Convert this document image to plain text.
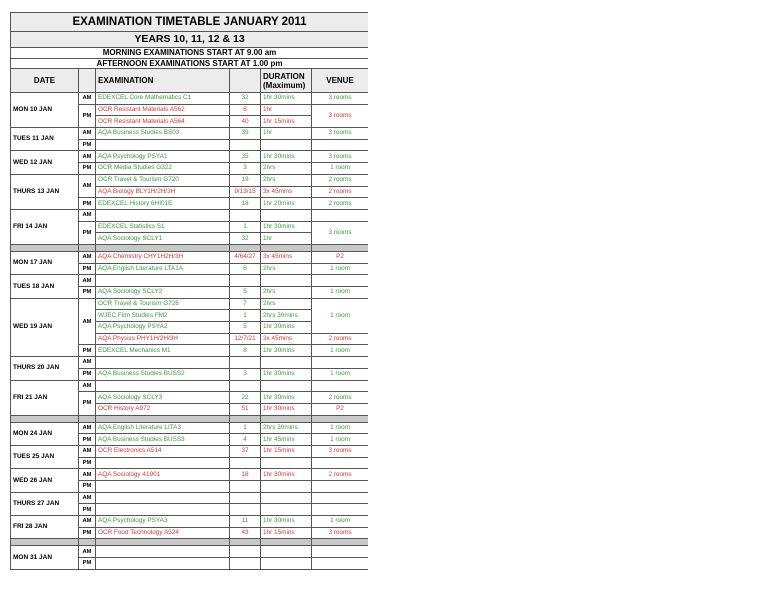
EXAMINATION TIMETABLE JANUARY 2011					
YEARS 10, 11, 12 & 13					
MORNING EXAMINATIONS START AT 9.00 am					
AFTERNOON EXAMINATIONS START AT 1.00 pm					
DATE		EXAMINATION		DURATION (Maximum)	VENUE
MON 10 JAN	AM	EDEXCEL Core Mathematics C1	32	1hr 30mins	3 rooms
	PM	OCR Resistant Materials A562	6	1hr	3 rooms
		OCR Resistant Materials A564	40	1hr 15mins	
TUES 11 JAN	AM	AQA Business Studies BS03	39	1hr	3 rooms
	PM				
WED 12 JAN	AM	AQA Psychology PSYA1	35	1hr 30mins	3 rooms
	PM	OCR Media Studies G322	3	2hrs	1 room
THURS 13 JAN	AM	OCR Travel & Tourism G720	19	2hrs	2 rooms
		AQA Biology BLY1H/2H/3H	9/13/15	3x 45mins	2 rooms
	PM	EDEXCEL History 6HI01E	18	1hr 20mins	2 rooms
FRI 14 JAN	AM				
	PM	EDEXCEL Statistics S1	1	1hr 30mins	3 rooms
		AQA Sociology SCLY1	32	1hr	

MON 17 JAN	AM	AQA Chemistry CHY1H2H/3H	4/64/27	3x 45mins	P2
	PM	AQA English Literature LTA1A	6	2hrs	1 room
TUES 18 JAN	AM				
	PM	AQA Sociology SCLY2	5	2hrs	1 room
WED 19 JAN	AM	OCR Travel & Tourism G728	7	2hrs	1 room
		WJEC Film Studies FM2	1	2hrs 30mins	
		AQA Psychology PSYA2	5	1hr 30mins	
		AQA Physics PHY1H/2H/3H	12/7/21	3x 45mins	2 rooms
	PM	EDEXCEL Mechanics M1	8	1hr 30mins	1 room
THURS 20 JAN	AM				
	PM	AQA Business Studies BUSS2	3	1hr 30mins	1 room
FRI 21 JAN	AM				
	PM	AQA Sociology SCLY3	22	1hr 30mins	2 rooms
		OCR History A972	51	1hr 30mins	P2

MON 24 JAN	AM	AQA English Literature LITA3	1	2hrs 30mins	1 room
	PM	AQA Business Studies BUSS3	4	1hr 45mins	1 room
TUES 25 JAN	AM	OCR Electronics A514	37	1hr 15mins	3 rooms
	PM				
WED 26 JAN	AM	AQA Sociology 41901	18	1hr 30mins	2 rooms
	PM				
THURS 27 JAN	AM				
	PM				
FRI 28 JAN	AM	AQA Psychology PSYA3	11	1hr 30mins	1 room
	PM	OCR Food Technology A524	43	1hr 15mins	3 rooms

MON 31 JAN	AM				
	PM				
